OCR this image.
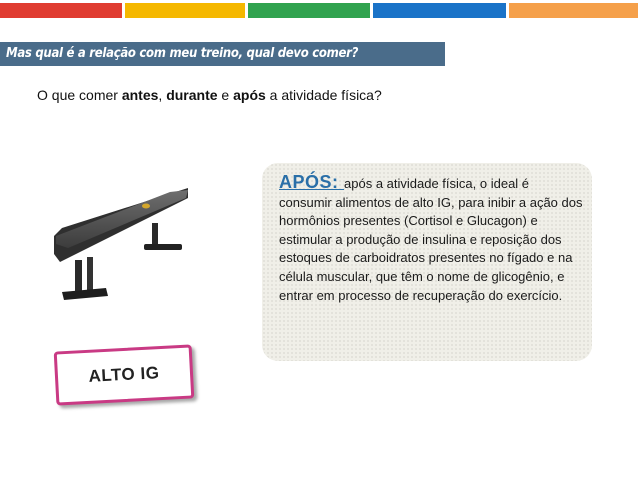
Mas qual é a relação com meu treino, qual devo comer?
O que comer antes, durante e após a atividade física?
ALTO IG
APÓS: após a atividade física, o ideal é consumir alimentos de alto IG, para inibir a ação dos hormônios presentes (Cortisol e Glucagon) e estimular a produção de insulina e reposição dos estoques de carboidratos presentes no fígado e na célula muscular, que têm o nome de glicogênio, e entrar em processo de recuperação do exercício.
